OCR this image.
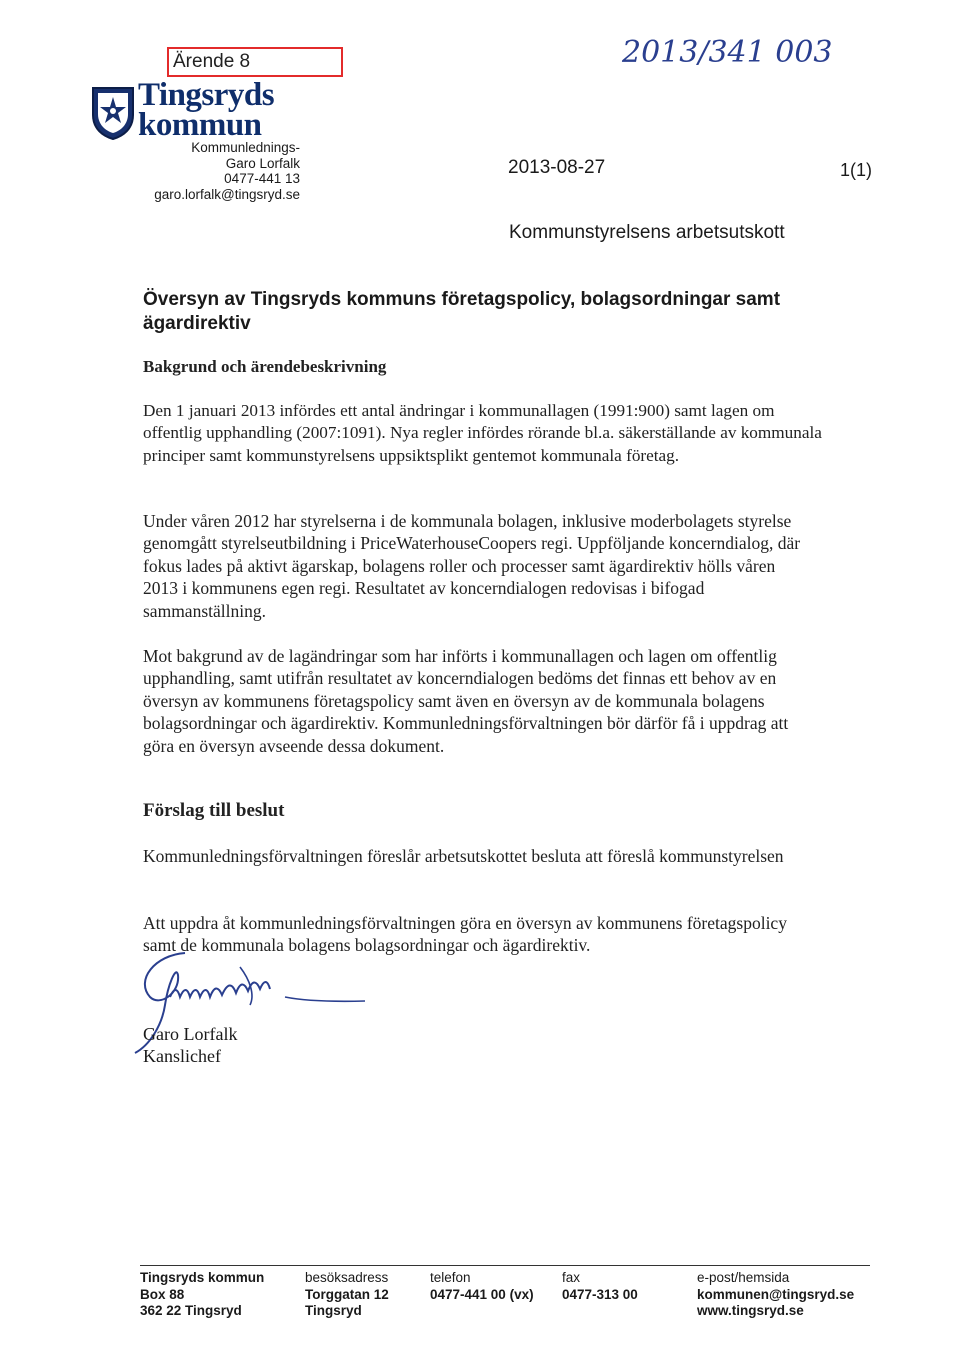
Ärende 8	2013/341 003
Tingsryds
kommun
Kommunlednings-
Garo Lorfalk
0477-441 13
garo.lorfalk@tingsryd.se
2013-08-27	1(1)
Kommunstyrelsens arbetsutskott
Översyn av Tingsryds kommuns företagspolicy, bolagsordningar samt ägardirektiv
Bakgrund och ärendebeskrivning

Den 1 januari 2013 infördes ett antal ändringar i kommunallagen (1991:900) samt lagen om offentlig upphandling (2007:1091). Nya regler infördes rörande bl.a. säkerställande av kommunala principer samt kommunstyrelsens uppsiktsplikt gentemot kommunala företag.

Under våren 2012 har styrelserna i de kommunala bolagen, inklusive moderbolagets styrelse genomgått styrelseutbildning i PriceWaterhouseCoopers regi. Uppföljande koncerndialog, där fokus lades på aktivt ägarskap, bolagens roller och processer samt ägardirektiv hölls våren 2013 i kommunens egen regi. Resultatet av koncerndialogen redovisas i bifogad sammanställning.

Mot bakgrund av de lagändringar som har införts i kommunallagen och lagen om offentlig upphandling, samt utifrån resultatet av koncerndialogen bedöms det finnas ett behov av en översyn av kommunens företagspolicy samt även en översyn av de kommunala bolagens bolagsordningar och ägardirektiv. Kommunledningsförvaltningen bör därför få i uppdrag att göra en översyn avseende dessa dokument.

Förslag till beslut

Kommunledningsförvaltningen föreslår arbetsutskottet besluta att föreslå kommunstyrelsen

Att uppdra åt kommunledningsförvaltningen göra en översyn av kommunens företagspolicy samt de kommunala bolagens bolagsordningar och ägardirektiv.

Garo Lorfalk
Kanslichef
Tingsryds kommun
Box 88
362 22 Tingsryd
besöksadress
Torggatan 12
Tingsryd
telefon
0477-441 00 (vx)
fax
0477-313 00
e-post/hemsida
kommunen@tingsryd.se
www.tingsryd.se
